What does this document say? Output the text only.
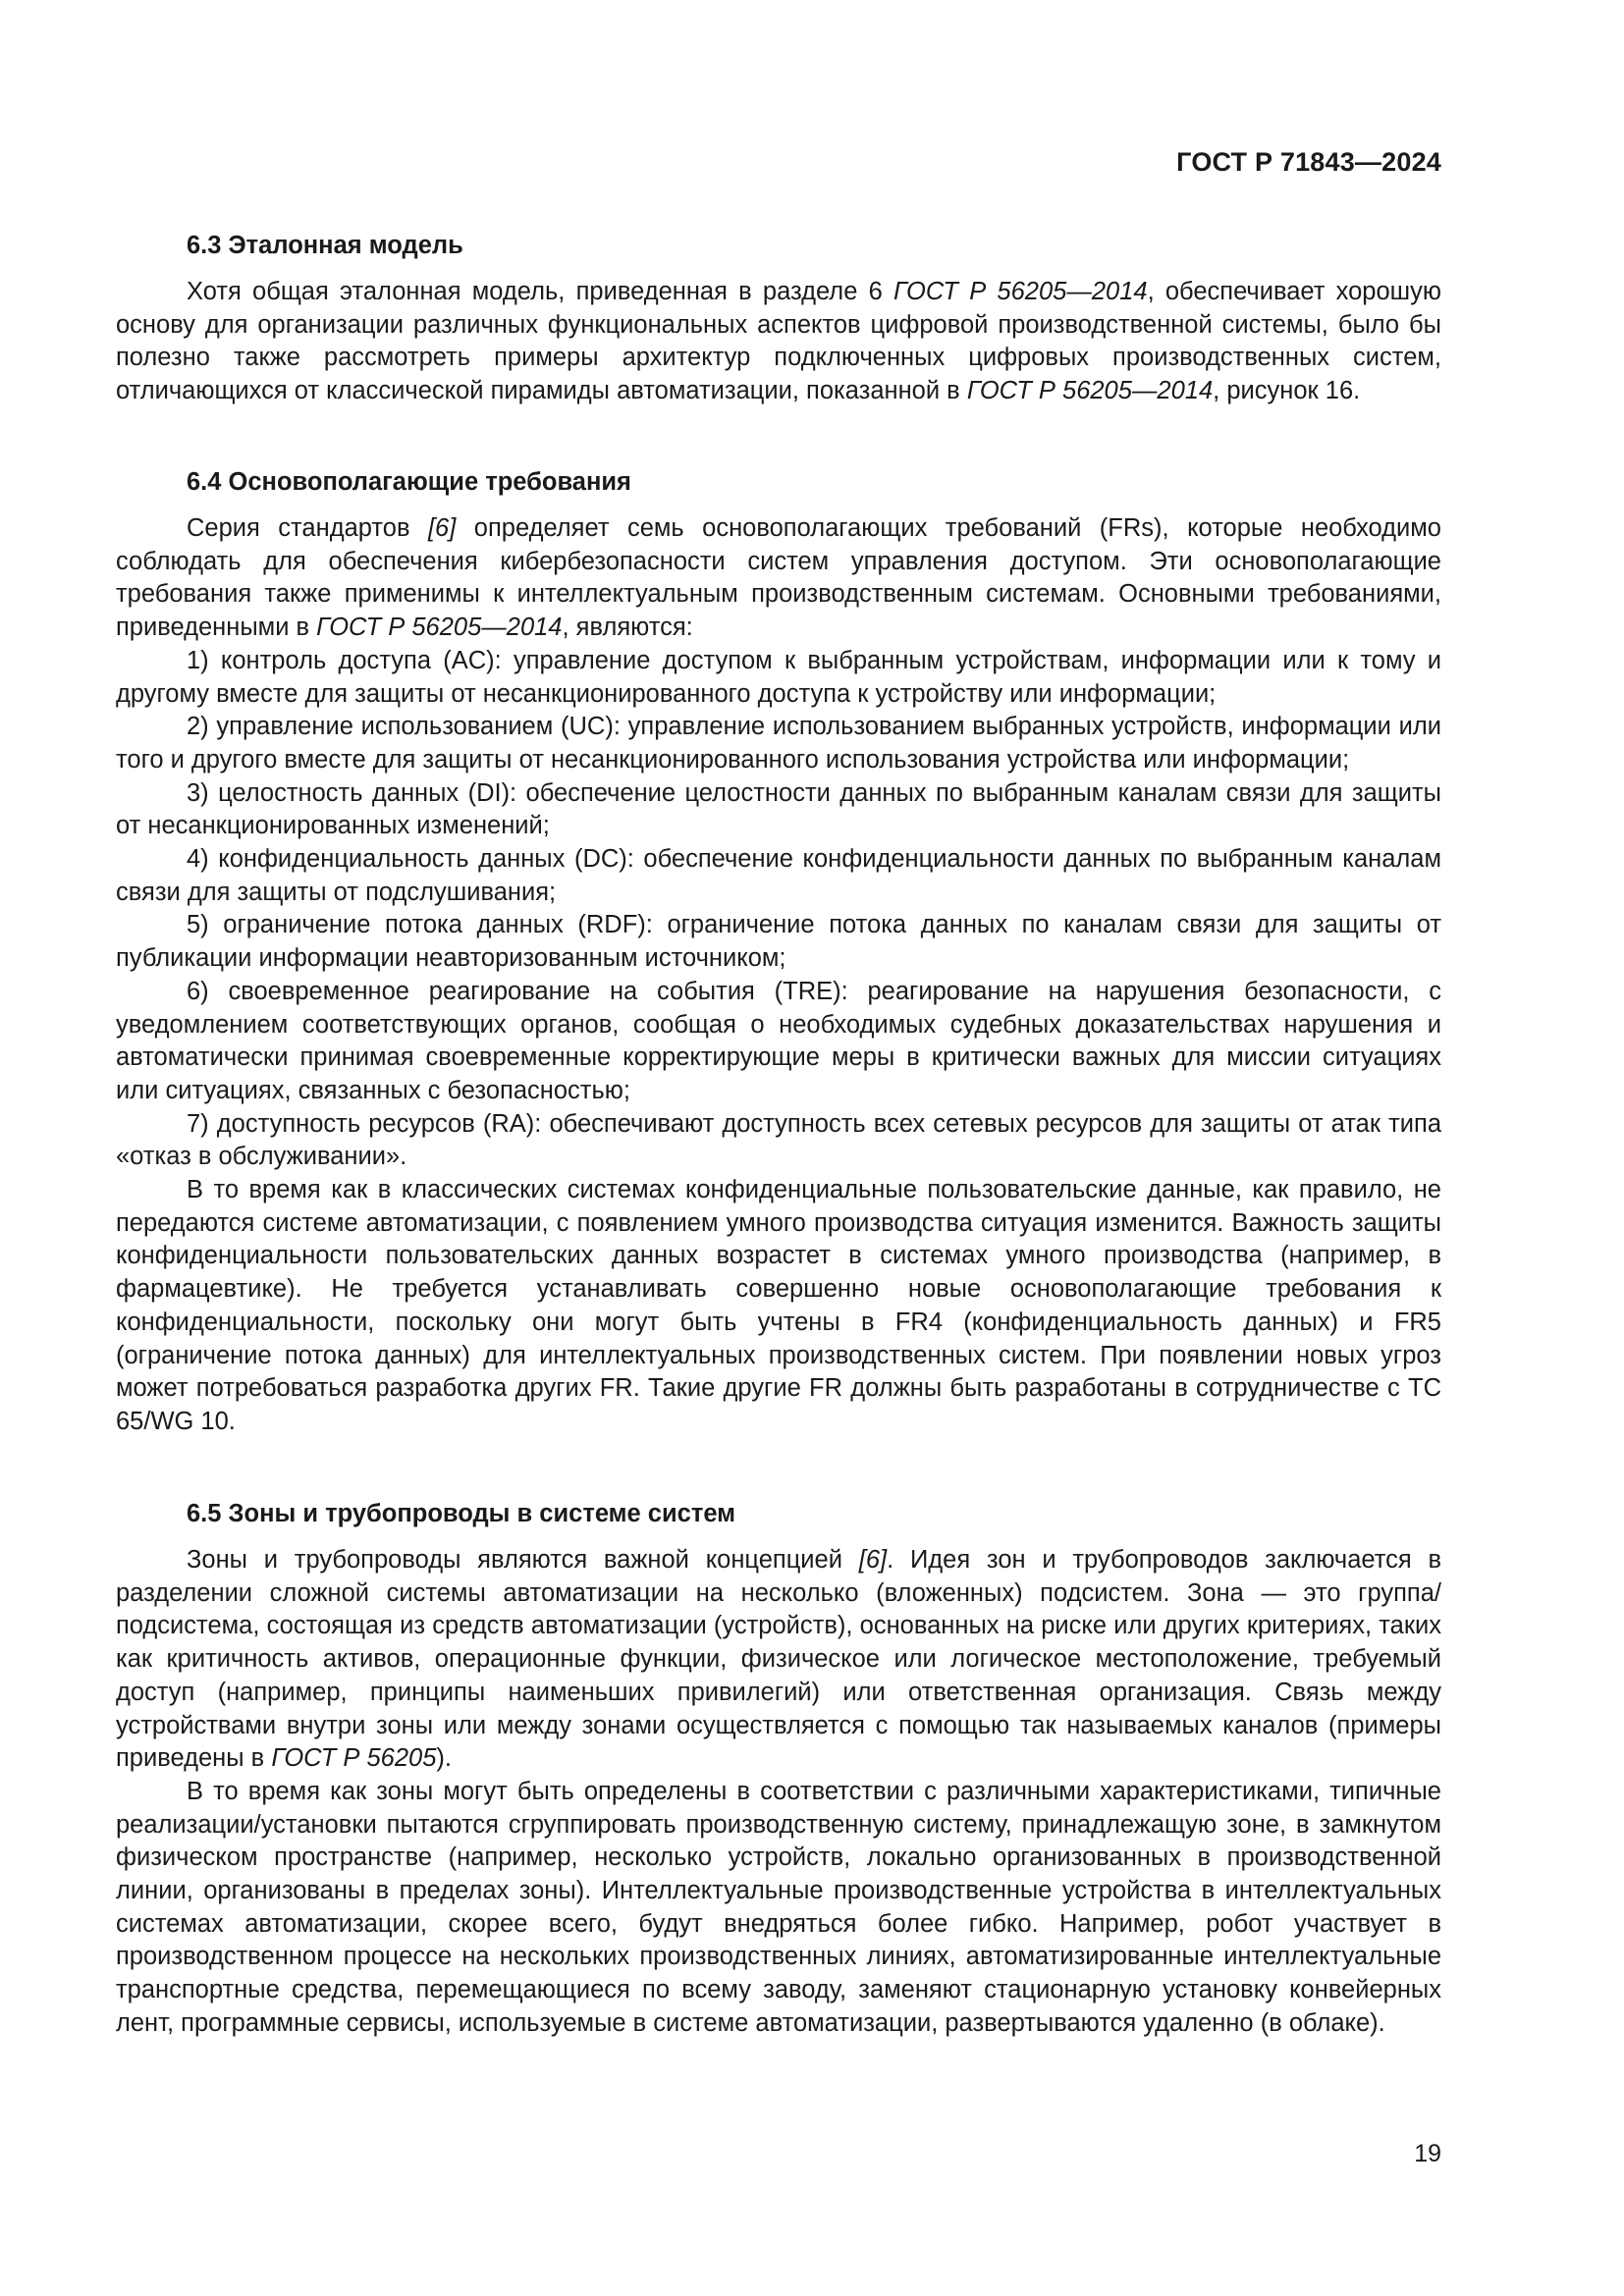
ГОСТ Р 71843—2024
6.3 Эталонная модель

Хотя общая эталонная модель, приведенная в разделе 6 ГОСТ Р 56205—2014, обеспечивает хорошую основу для организации различных функциональных аспектов цифровой производственной системы, было бы полезно также рассмотреть примеры архитектур подключенных цифровых производственных систем, отличающихся от классической пирамиды автоматизации, показанной в ГОСТ Р 56205—2014, рисунок 16.

6.4 Основополагающие требования

Серия стандартов [6] определяет семь основополагающих требований (FRs), которые необходимо соблюдать для обеспечения кибербезопасности систем управления доступом. Эти основополагающие требования также применимы к интеллектуальным производственным системам. Основными требованиями, приведенными в ГОСТ Р 56205—2014, являются:

1) контроль доступа (AC): управление доступом к выбранным устройствам, информации или к тому и другому вместе для защиты от несанкционированного доступа к устройству или информации;

2) управление использованием (UC): управление использованием выбранных устройств, информации или того и другого вместе для защиты от несанкционированного использования устройства или информации;

3) целостность данных (DI): обеспечение целостности данных по выбранным каналам связи для защиты от несанкционированных изменений;

4) конфиденциальность данных (DC): обеспечение конфиденциальности данных по выбранным каналам связи для защиты от подслушивания;

5) ограничение потока данных (RDF): ограничение потока данных по каналам связи для защиты от публикации информации неавторизованным источником;

6) своевременное реагирование на события (TRE): реагирование на нарушения безопасности, с уведомлением соответствующих органов, сообщая о необходимых судебных доказательствах нарушения и автоматически принимая своевременные корректирующие меры в критически важных для миссии ситуациях или ситуациях, связанных с безопасностью;

7) доступность ресурсов (RA): обеспечивают доступность всех сетевых ресурсов для защиты от атак типа «отказ в обслуживании».

В то время как в классических системах конфиденциальные пользовательские данные, как правило, не передаются системе автоматизации, с появлением умного производства ситуация изменится. Важность защиты конфиденциальности пользовательских данных возрастет в системах умного производства (например, в фармацевтике). Не требуется устанавливать совершенно новые основополагающие требования к конфиденциальности, поскольку они могут быть учтены в FR4 (конфиденциальность данных) и FR5 (ограничение потока данных) для интеллектуальных производственных систем. При появлении новых угроз может потребоваться разработка других FR. Такие другие FR должны быть разработаны в сотрудничестве с TC 65/WG 10.

6.5 Зоны и трубопроводы в системе систем

Зоны и трубопроводы являются важной концепцией [6]. Идея зон и трубопроводов заключается в разделении сложной системы автоматизации на несколько (вложенных) подсистем. Зона — это группа/подсистема, состоящая из средств автоматизации (устройств), основанных на риске или других критериях, таких как критичность активов, операционные функции, физическое или логическое местоположение, требуемый доступ (например, принципы наименьших привилегий) или ответственная организация. Связь между устройствами внутри зоны или между зонами осуществляется с помощью так называемых каналов (примеры приведены в ГОСТ Р 56205).

В то время как зоны могут быть определены в соответствии с различными характеристиками, типичные реализации/установки пытаются сгруппировать производственную систему, принадлежащую зоне, в замкнутом физическом пространстве (например, несколько устройств, локально организованных в производственной линии, организованы в пределах зоны). Интеллектуальные производственные устройства в интеллектуальных системах автоматизации, скорее всего, будут внедряться более гибко. Например, робот участвует в производственном процессе на нескольких производственных линиях, автоматизированные интеллектуальные транспортные средства, перемещающиеся по всему заводу, заменяют стационарную установку конвейерных лент, программные сервисы, используемые в системе автоматизации, развертываются удаленно (в облаке).

19
